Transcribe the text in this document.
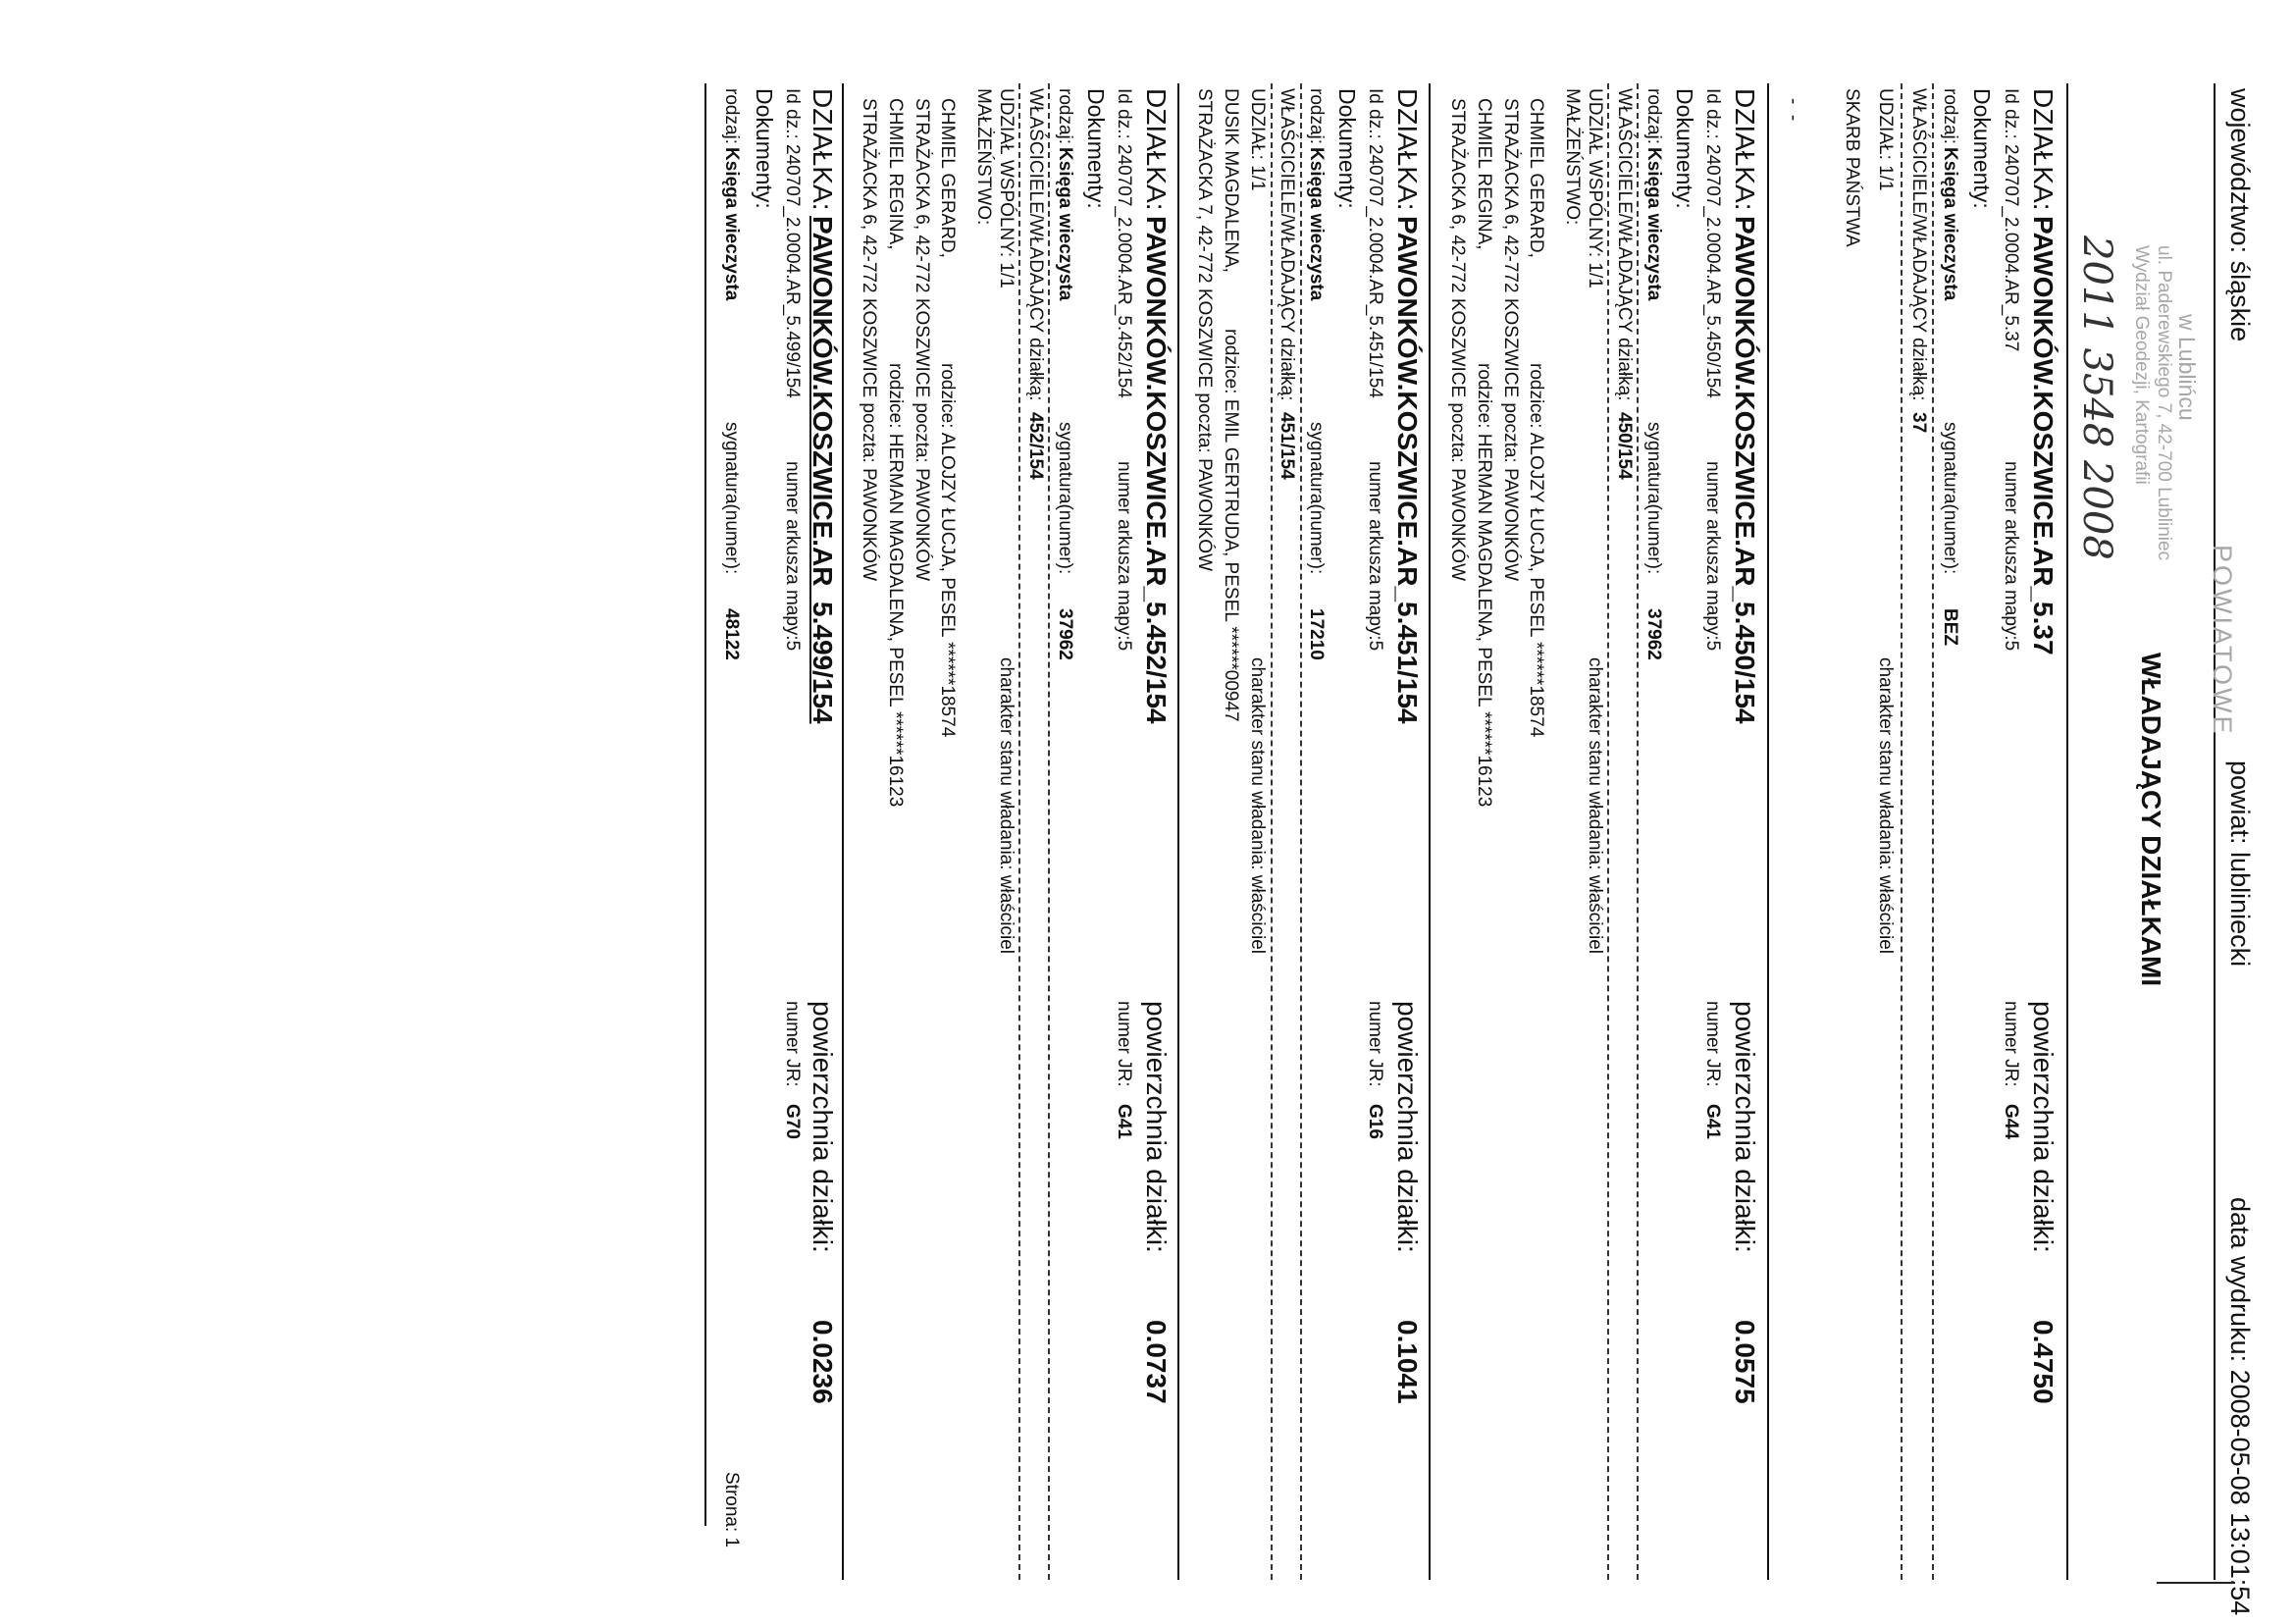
województwo: śląskie
powiat: lubliniecki
data wydruku: 2008-05-08 13:01:54
w Lublińcu
ul. Paderewskiego 7, 42-700 Lubliniec
Wydział Geodezji, Kartografii
POWIATOWE
2011 3548 2008
WŁADAJĄCY DZIAŁKAMI
DZIAŁKA:
PAWONKÓW.KOSZWICE.AR_5.37
powierzchnia działki:
0.4750
Id dz.: 240707_2.0004.AR_5.37
numer arkusza mapy:5
numer JR:
G44
Dokumenty:
rodzaj:
Księga wieczysta
sygnatura(numer):
BEZ
WŁAŚCICIELE/WŁADAJĄCY działką:
37
UDZIAŁ: 1/1
charakter stanu władania: właściciel
SKARB PAŃSTWA
-  -
DZIAŁKA:
PAWONKÓW.KOSZWICE.AR_5.450/154
powierzchnia działki:
0.0575
Id dz.: 240707_2.0004.AR_5.450/154
numer arkusza mapy:5
numer JR:
G41
Dokumenty:
rodzaj:
Księga wieczysta
sygnatura(numer):
37962
WŁAŚCICIELE/WŁADAJĄCY działką:
450/154
UDZIAŁ WSPÓLNY: 1/1
charakter stanu władania: właściciel
MAŁŻEŃSTWO:
CHMIEL GERARD,
rodzice: ALOJZY ŁUCJA, PESEL ******18574
STRAŻACKA 6, 42-772 KOSZWICE poczta: PAWONKÓW
CHMIEL REGINA,
rodzice: HERMAN MAGDALENA, PESEL ******16123
STRAŻACKA 6, 42-772 KOSZWICE poczta: PAWONKÓW
DZIAŁKA:
PAWONKÓW.KOSZWICE.AR_5.451/154
powierzchnia działki:
0.1041
Id dz.: 240707_2.0004.AR_5.451/154
numer arkusza mapy:5
numer JR:
G16
Dokumenty:
rodzaj:
Księga wieczysta
sygnatura(numer):
17210
WŁAŚCICIELE/WŁADAJĄCY działką:
451/154
UDZIAŁ: 1/1
charakter stanu władania: właściciel
DUSIK MAGDALENA,
rodzice: EMIL GERTRUDA, PESEL ******00947
STRAŻACKA 7, 42-772 KOSZWICE poczta: PAWONKÓW
DZIAŁKA:
PAWONKÓW.KOSZWICE.AR_5.452/154
powierzchnia działki:
0.0737
Id dz.: 240707_2.0004.AR_5.452/154
numer arkusza mapy:5
numer JR:
G41
Dokumenty:
rodzaj:
Księga wieczysta
sygnatura(numer):
37962
WŁAŚCICIELE/WŁADAJĄCY działką:
452/154
UDZIAŁ WSPÓLNY: 1/1
charakter stanu władania: właściciel
MAŁŻEŃSTWO:
CHMIEL GERARD,
rodzice: ALOJZY ŁUCJA, PESEL ******18574
STRAŻACKA 6, 42-772 KOSZWICE poczta: PAWONKÓW
CHMIEL REGINA,
rodzice: HERMAN MAGDALENA, PESEL ******16123
STRAŻACKA 6, 42-772 KOSZWICE poczta: PAWONKÓW
DZIAŁKA:
PAWONKÓW.KOSZWICE.AR_5.499/154
powierzchnia działki:
0.0236
Id dz.: 240707_2.0004.AR_5.499/154
numer arkusza mapy:5
numer JR:
G70
Dokumenty:
rodzaj:
Księga wieczysta
sygnatura(numer):
48122
Strona: 1
